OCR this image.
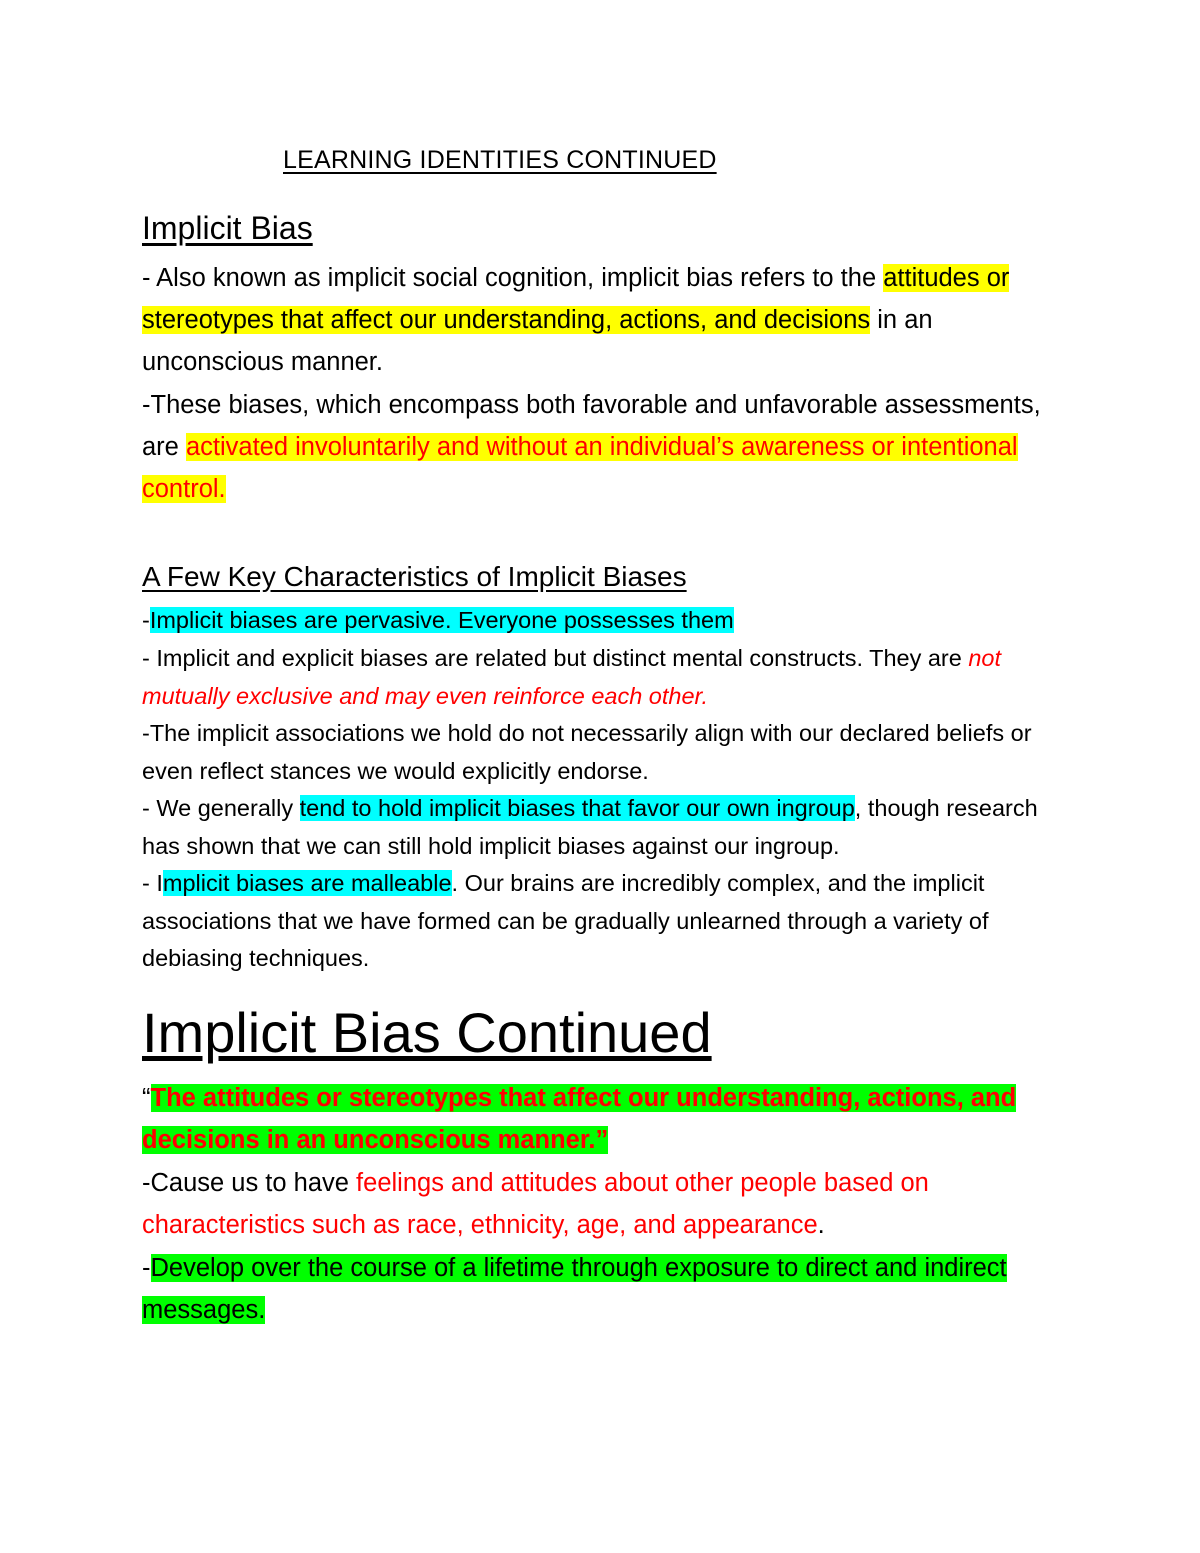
LEARNING IDENTITIES CONTINUED
Implicit Bias

- Also known as implicit social cognition, implicit bias refers to the attitudes or stereotypes that affect our understanding, actions, and decisions in an unconscious manner.

-These biases, which encompass both favorable and unfavorable assessments, are activated involuntarily and without an individual’s awareness or intentional control.

A Few Key Characteristics of Implicit Biases

-Implicit biases are pervasive. Everyone possesses them

- Implicit and explicit biases are related but distinct mental constructs. They are not mutually exclusive and may even reinforce each other.

-The implicit associations we hold do not necessarily align with our declared beliefs or even reflect stances we would explicitly endorse.

- We generally tend to hold implicit biases that favor our own ingroup, though research has shown that we can still hold implicit biases against our ingroup.

- Implicit biases are malleable. Our brains are incredibly complex, and the implicit associations that we have formed can be gradually unlearned through a variety of debiasing techniques.

Implicit Bias Continued

“The attitudes or stereotypes that affect our understanding, actions, and decisions in an unconscious manner.”

-Cause us to have feelings and attitudes about other people based on characteristics such as race, ethnicity, age, and appearance.

-Develop over the course of a lifetime through exposure to direct and indirect messages.
